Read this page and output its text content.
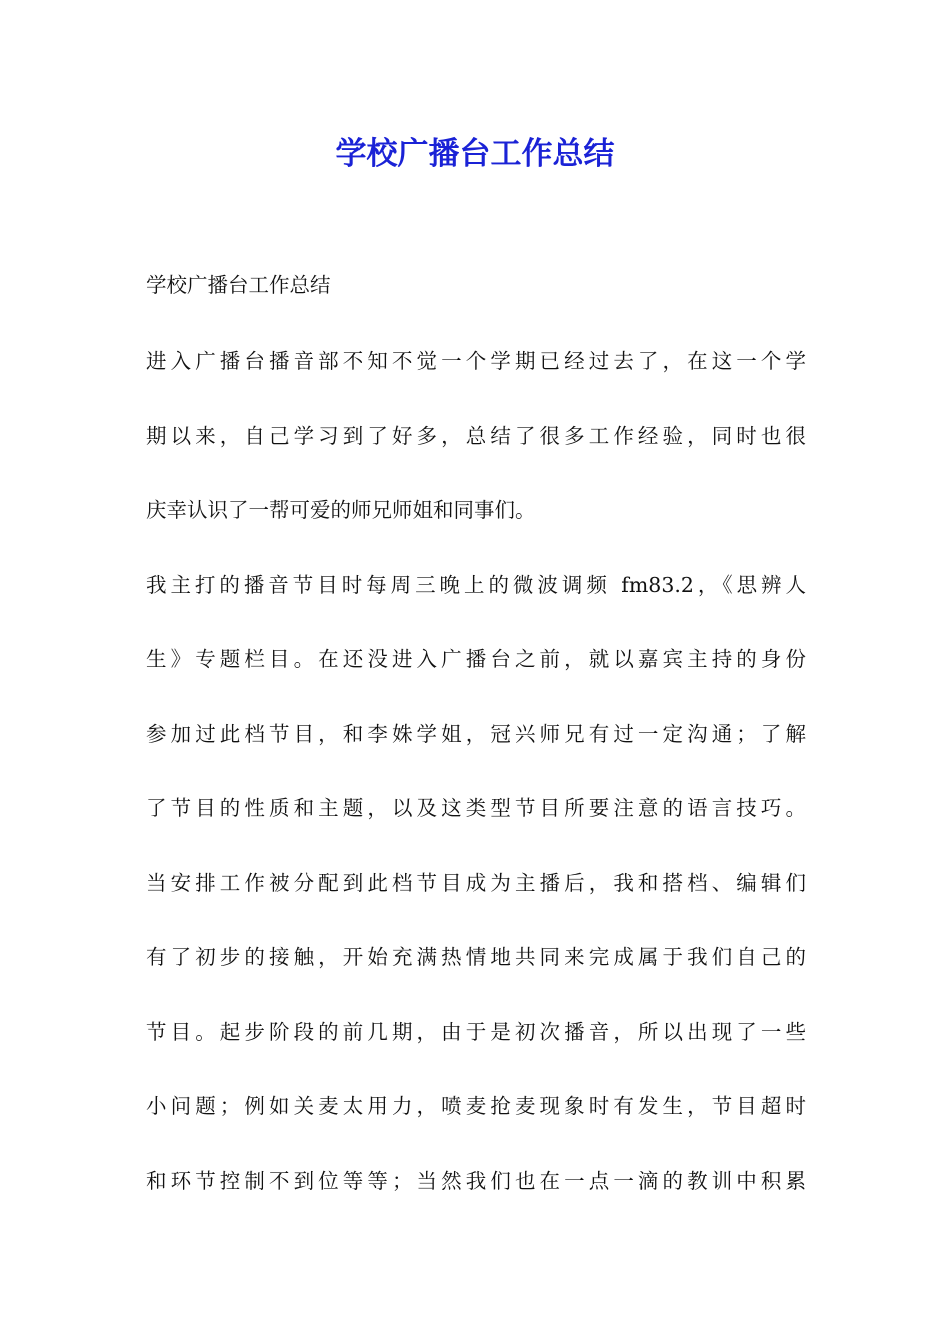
学校广播台工作总结
学校广播台工作总结
进入广播台播音部不知不觉一个学期已经过去了，在这一个学
期以来，自己学习到了好多，总结了很多工作经验，同时也很
庆幸认识了一帮可爱的师兄师姐和同事们。
我主打的播音节目时每周三晚上的微波调频 fm83.2，《思辨人
生》专题栏目。在还没进入广播台之前，就以嘉宾主持的身份
参加过此档节目，和李姝学姐，冠兴师兄有过一定沟通；了解
了节目的性质和主题，以及这类型节目所要注意的语言技巧。
当安排工作被分配到此档节目成为主播后，我和搭档、编辑们
有了初步的接触，开始充满热情地共同来完成属于我们自己的
节目。起步阶段的前几期，由于是初次播音，所以出现了一些
小问题；例如关麦太用力，喷麦抢麦现象时有发生，节目超时
和环节控制不到位等等；当然我们也在一点一滴的教训中积累
